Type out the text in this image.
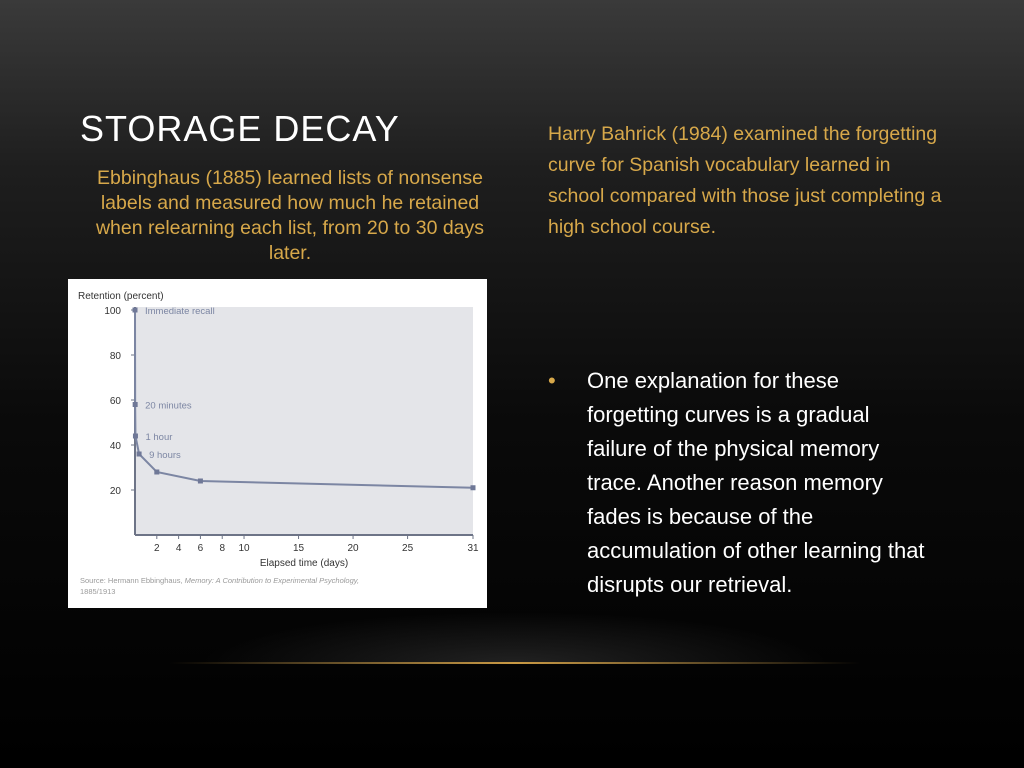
STORAGE DECAY

Ebbinghaus (1885) learned lists of nonsense labels and measured how much he retained when relearning each list, from 20 to 30 days later.

Harry Bahrick (1984) examined the forgetting curve for Spanish vocabulary learned in school compared with those just completing a high school course.

Retention (percent)
Elapsed time (days)
20
40
60
80
100
2 4 6 8 10	15	20	25	31
Immediate recall
20 minutes
1 hour
9 hours
Source: Hermann Ebbinghaus, Memory: A Contribution to Experimental Psychology,
1885/1913
•	One explanation for these forgetting curves is a gradual failure of the physical memory trace. Another reason memory fades is because of the accumulation of other learning that disrupts our retrieval.
